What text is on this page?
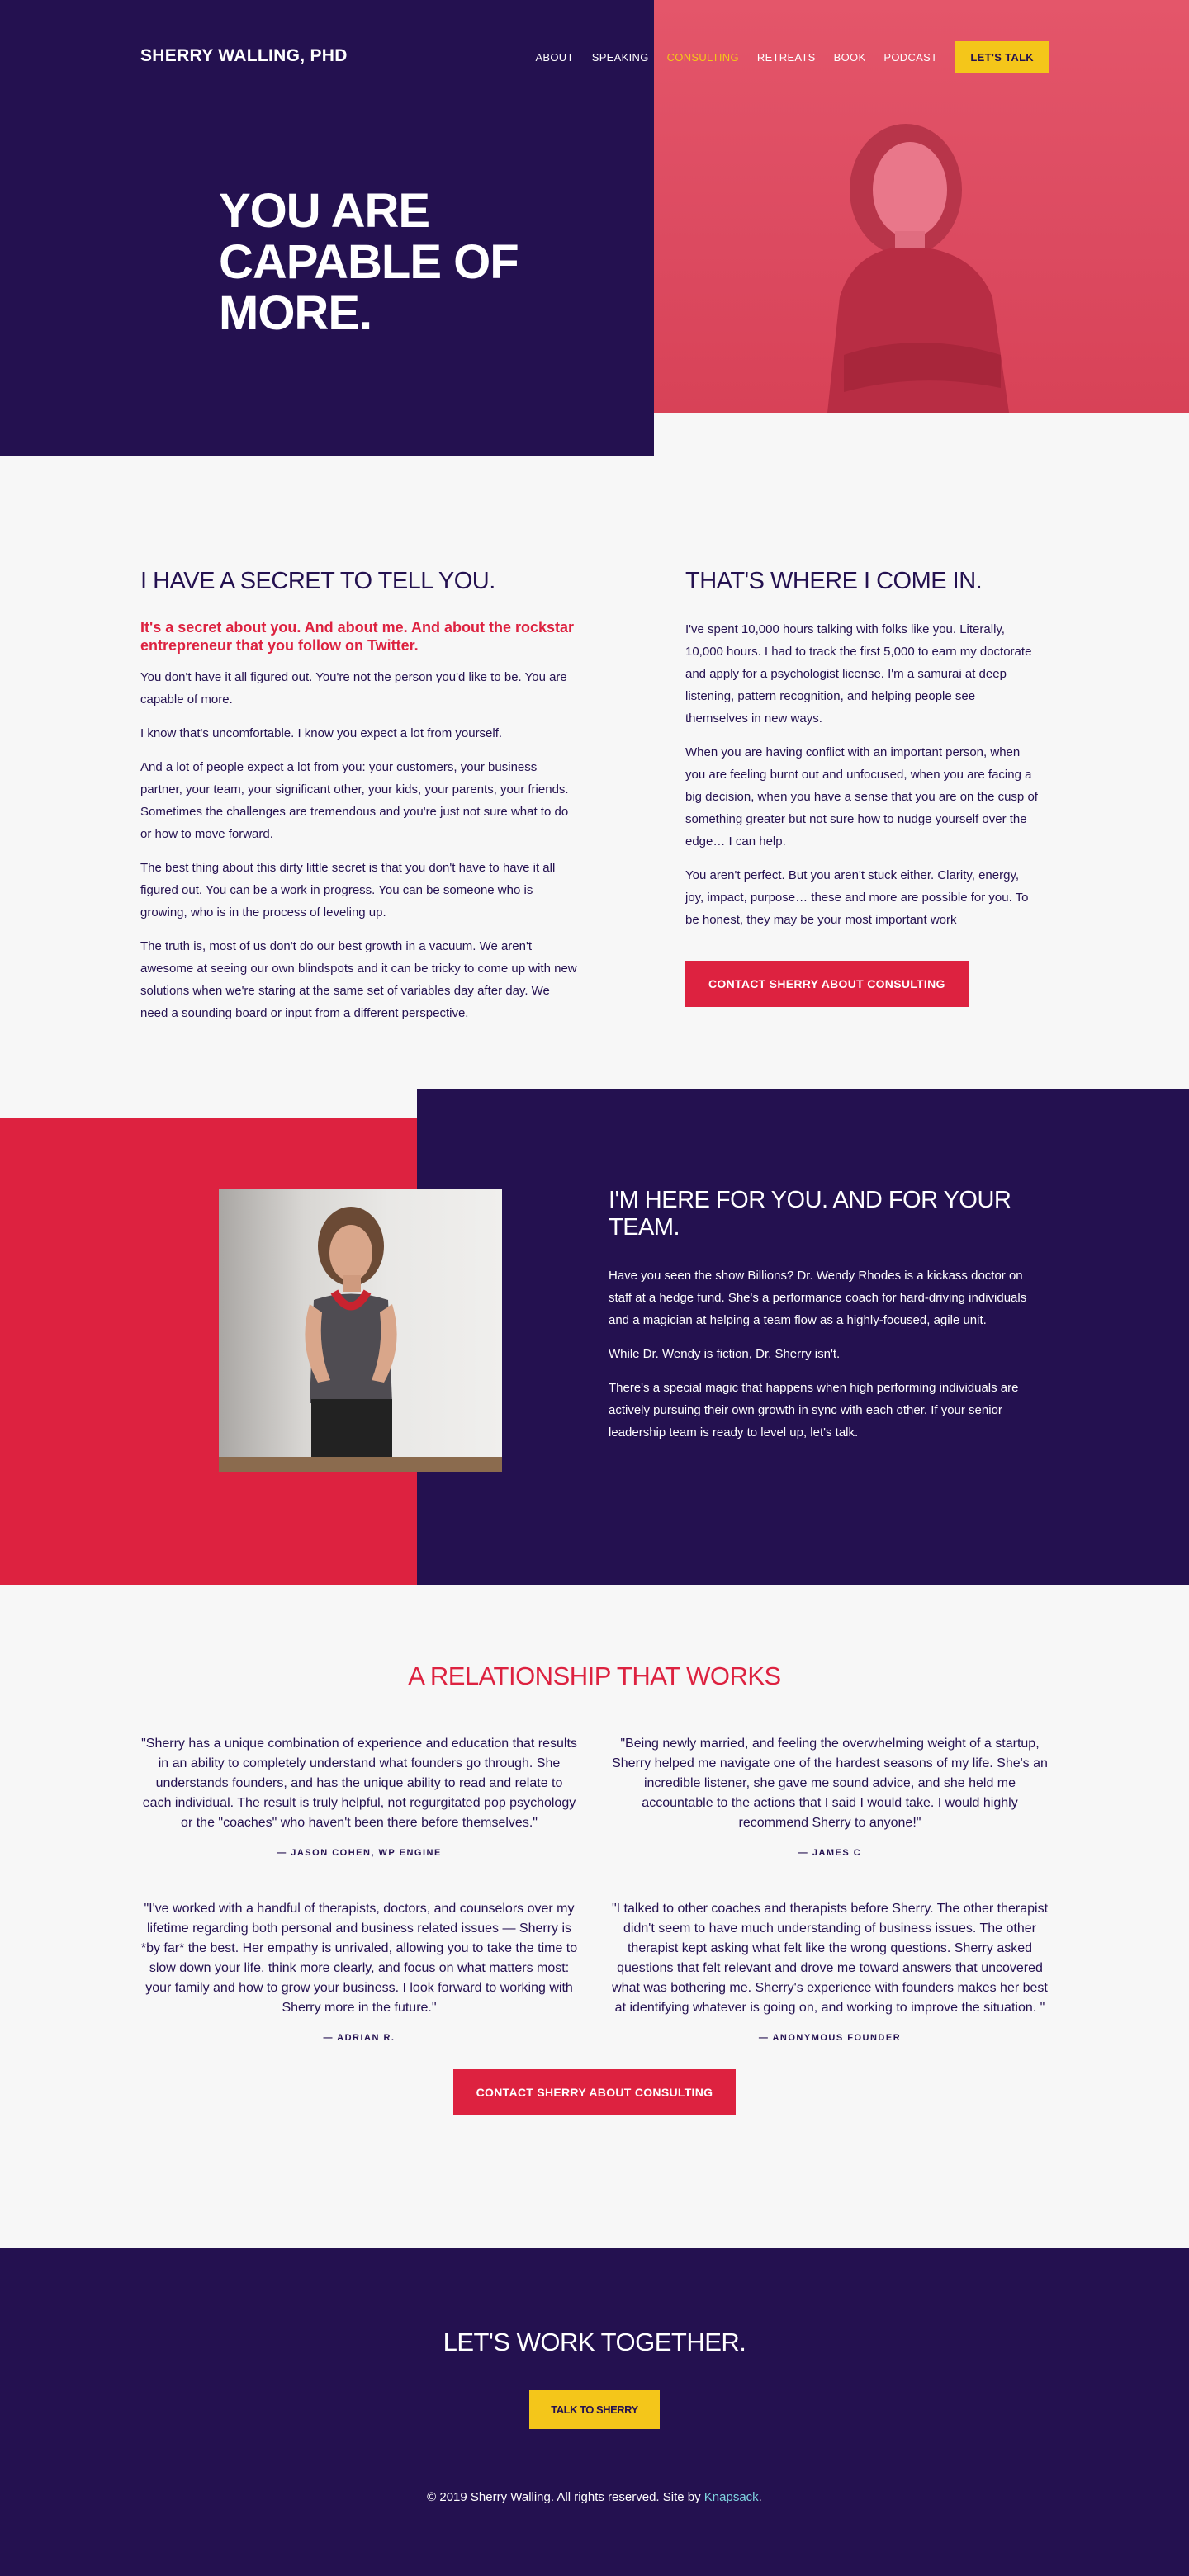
SHERRY WALLING, PHD	ABOUT SPEAKING CONSULTING RETREATS BOOK PODCAST	LET'S TALK
YOU ARE CAPABLE OF MORE.
I HAVE A SECRET TO TELL YOU.

It's a secret about you. And about me. And about the rockstar entrepreneur that you follow on Twitter.

You don't have it all figured out. You're not the person you'd like to be. You are capable of more.

I know that's uncomfortable. I know you expect a lot from yourself.

And a lot of people expect a lot from you: your customers, your business partner, your team, your significant other, your kids, your parents, your friends. Sometimes the challenges are tremendous and you're just not sure what to do or how to move forward.

The best thing about this dirty little secret is that you don't have to have it all figured out. You can be a work in progress. You can be someone who is growing, who is in the process of leveling up.

The truth is, most of us don't do our best growth in a vacuum. We aren't awesome at seeing our own blindspots and it can be tricky to come up with new solutions when we're staring at the same set of variables day after day. We need a sounding board or input from a different perspective.

THAT'S WHERE I COME IN.

I've spent 10,000 hours talking with folks like you. Literally, 10,000 hours. I had to track the first 5,000 to earn my doctorate and apply for a psychologist license. I'm a samurai at deep listening, pattern recognition, and helping people see themselves in new ways.

When you are having conflict with an important person, when you are feeling burnt out and unfocused, when you are facing a big decision, when you have a sense that you are on the cusp of something greater but not sure how to nudge yourself over the edge… I can help.

You aren't perfect. But you aren't stuck either. Clarity, energy, joy, impact, purpose… these and more are possible for you. To be honest, they may be your most important work

CONTACT SHERRY ABOUT CONSULTING
I'M HERE FOR YOU. AND FOR YOUR TEAM.

Have you seen the show Billions? Dr. Wendy Rhodes is a kickass doctor on staff at a hedge fund. She's a performance coach for hard-driving individuals and a magician at helping a team flow as a highly-focused, agile unit.

While Dr. Wendy is fiction, Dr. Sherry isn't.

There's a special magic that happens when high performing individuals are actively pursuing their own growth in sync with each other. If your senior leadership team is ready to level up, let's talk.

A RELATIONSHIP THAT WORKS

"Sherry has a unique combination of experience and education that results in an ability to completely understand what founders go through. She understands founders, and has the unique ability to read and relate to each individual. The result is truly helpful, not regurgitated pop psychology or the "coaches" who haven't been there before themselves."

— JASON COHEN, WP ENGINE

"Being newly married, and feeling the overwhelming weight of a startup, Sherry helped me navigate one of the hardest seasons of my life. She's an incredible listener, she gave me sound advice, and she held me accountable to the actions that I said I would take. I would highly recommend Sherry to anyone!"

— JAMES C

"I've worked with a handful of therapists, doctors, and counselors over my lifetime regarding both personal and business related issues — Sherry is *by far* the best. Her empathy is unrivaled, allowing you to take the time to slow down your life, think more clearly, and focus on what matters most: your family and how to grow your business. I look forward to working with Sherry more in the future."

— ADRIAN R.

"I talked to other coaches and therapists before Sherry. The other therapist didn't seem to have much understanding of business issues. The other therapist kept asking what felt like the wrong questions. Sherry asked questions that felt relevant and drove me toward answers that uncovered what was bothering me. Sherry's experience with founders makes her best at identifying whatever is going on, and working to improve the situation. "

— ANONYMOUS FOUNDER

CONTACT SHERRY ABOUT CONSULTING
LET'S WORK TOGETHER.
TALK TO SHERRY

© 2019 Sherry Walling. All rights reserved. Site by Knapsack.
